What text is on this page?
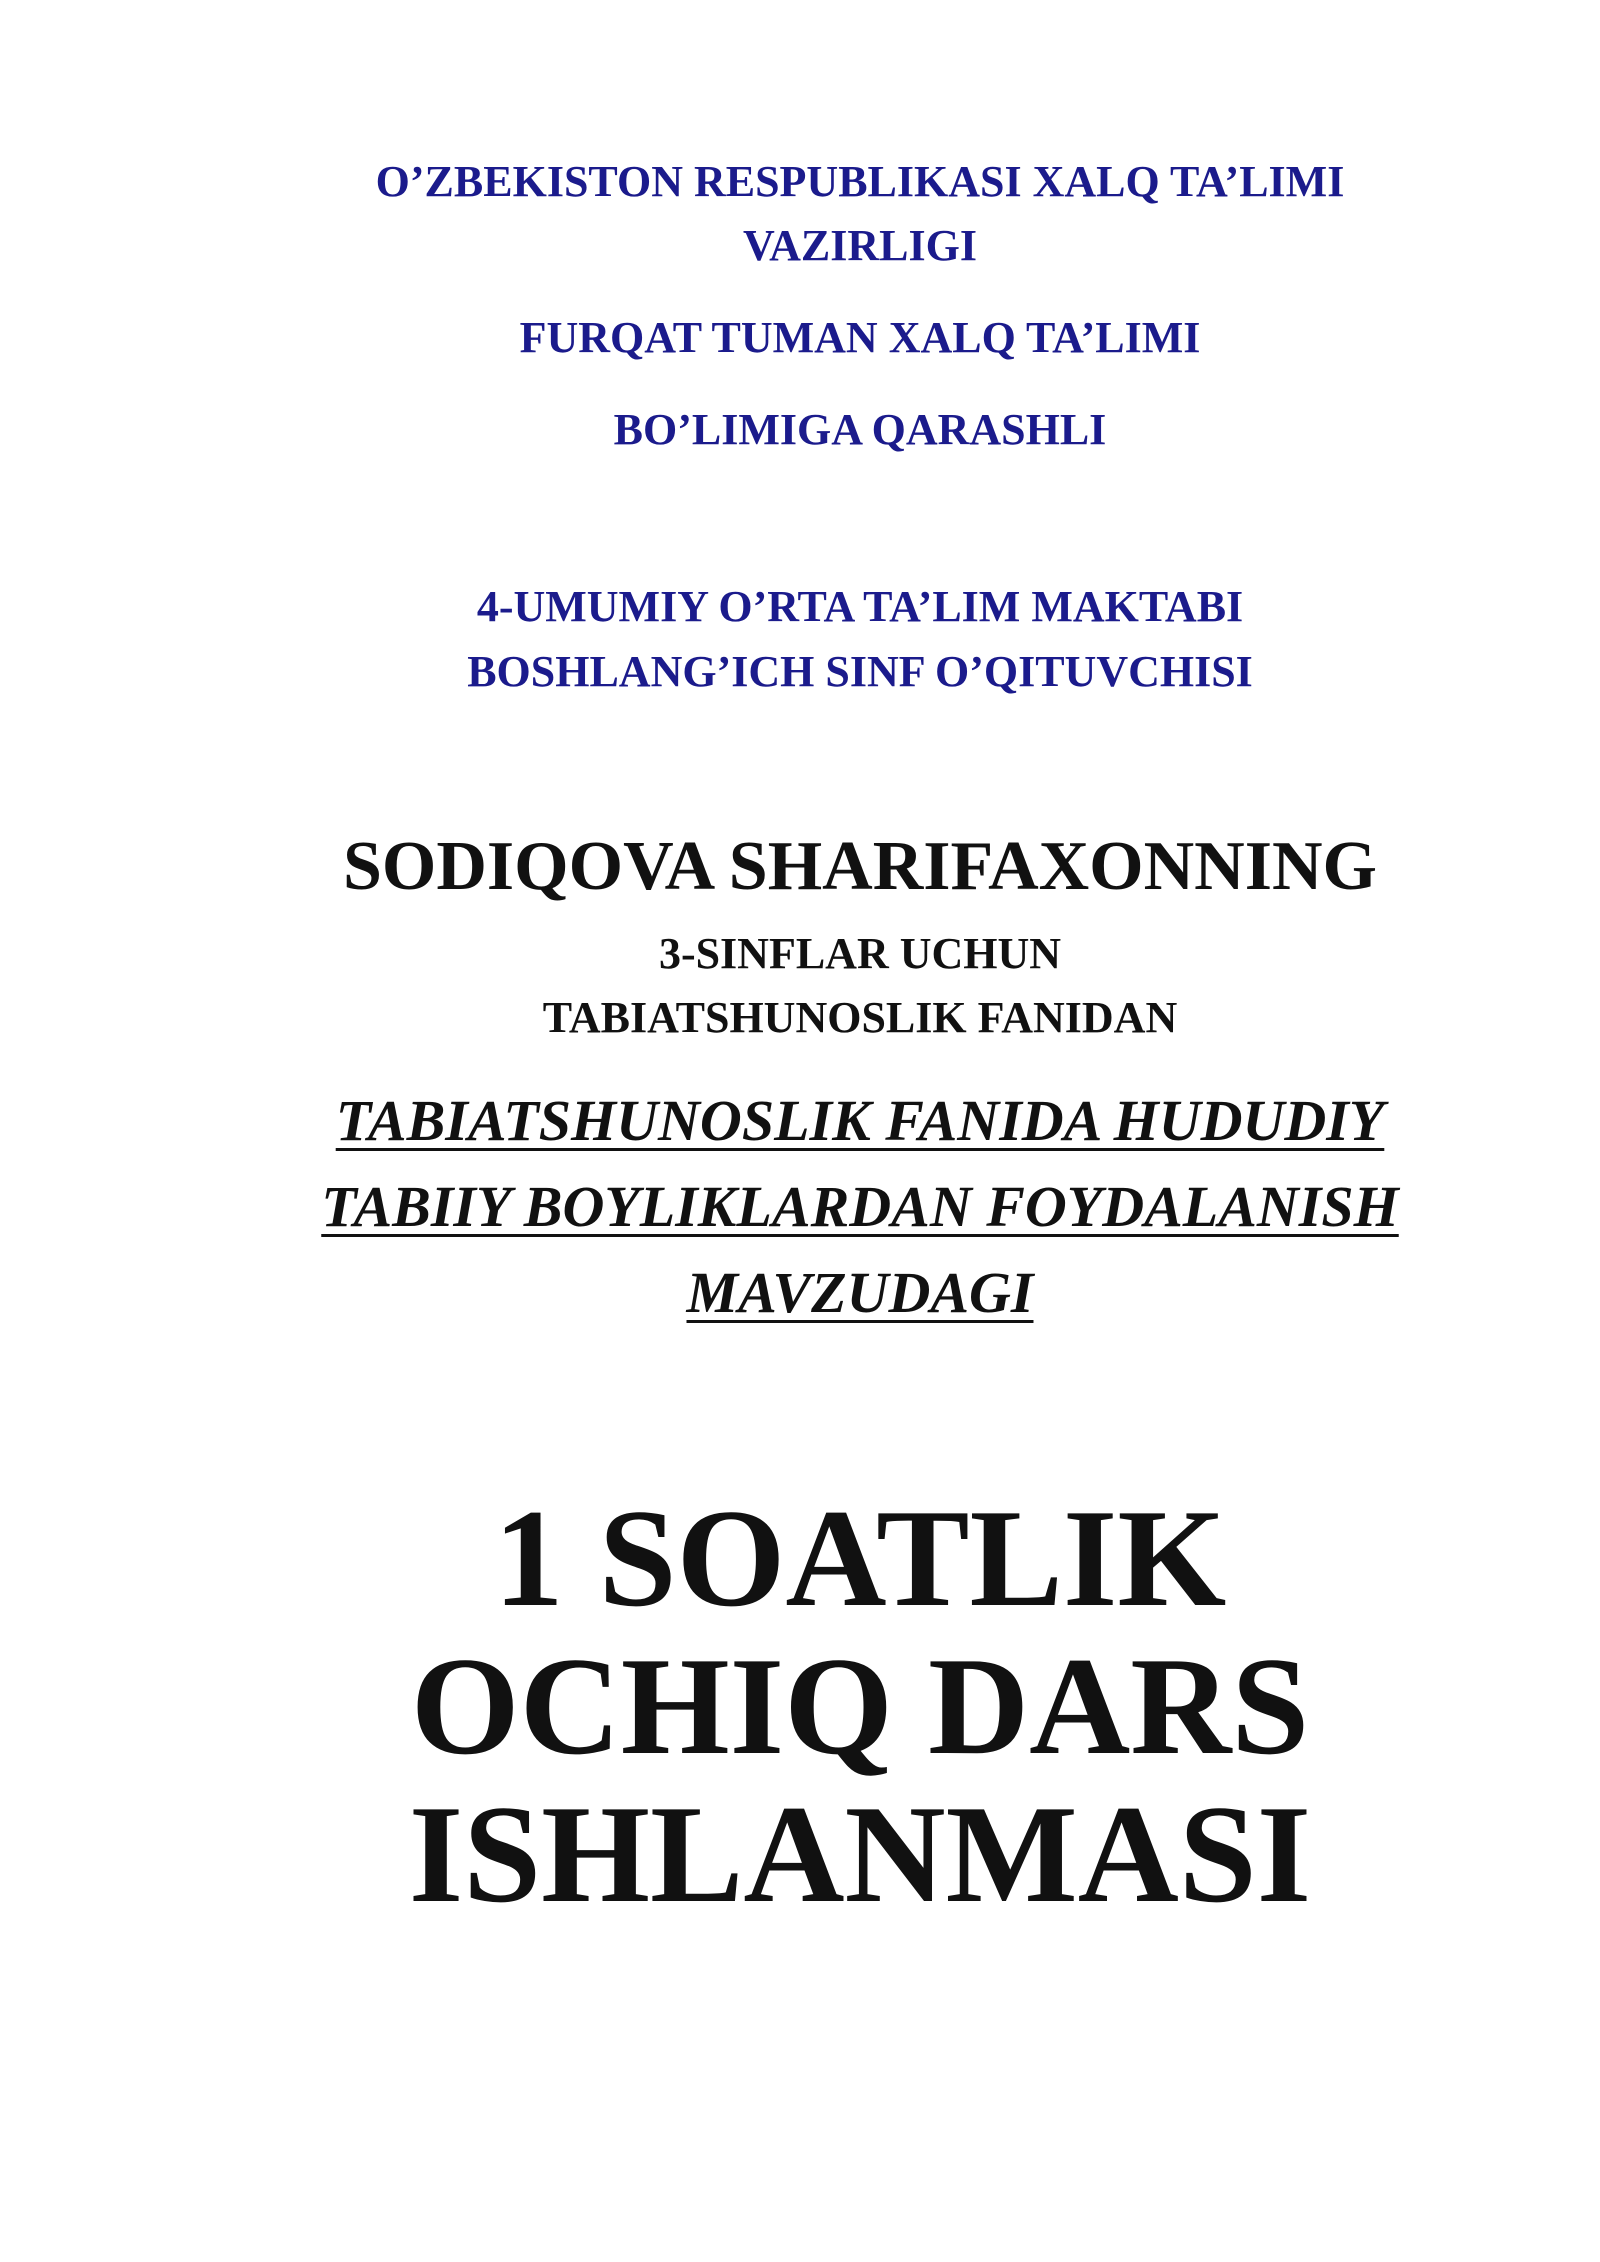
O’ZBEKISTON RESPUBLIKASI XALQ TA’LIMI
VAZIRLIGI
FURQAT TUMAN XALQ TA’LIMI
BO’LIMIGA QARASHLI
4-UMUMIY O’RTA TA’LIM MAKTABI
BOSHLANG’ICH SINF O’QITUVCHISI
SODIQOVA SHARIFAXONNING
3-SINFLAR UCHUN
TABIATSHUNOSLIK FANIDAN
TABIATSHUNOSLIK FANIDA HUDUDIY
TABIIY BOYLIKLARDAN FOYDALANISH
MAVZUDAGI
1 SOATLIK
OCHIQ DARS
ISHLANMASI
